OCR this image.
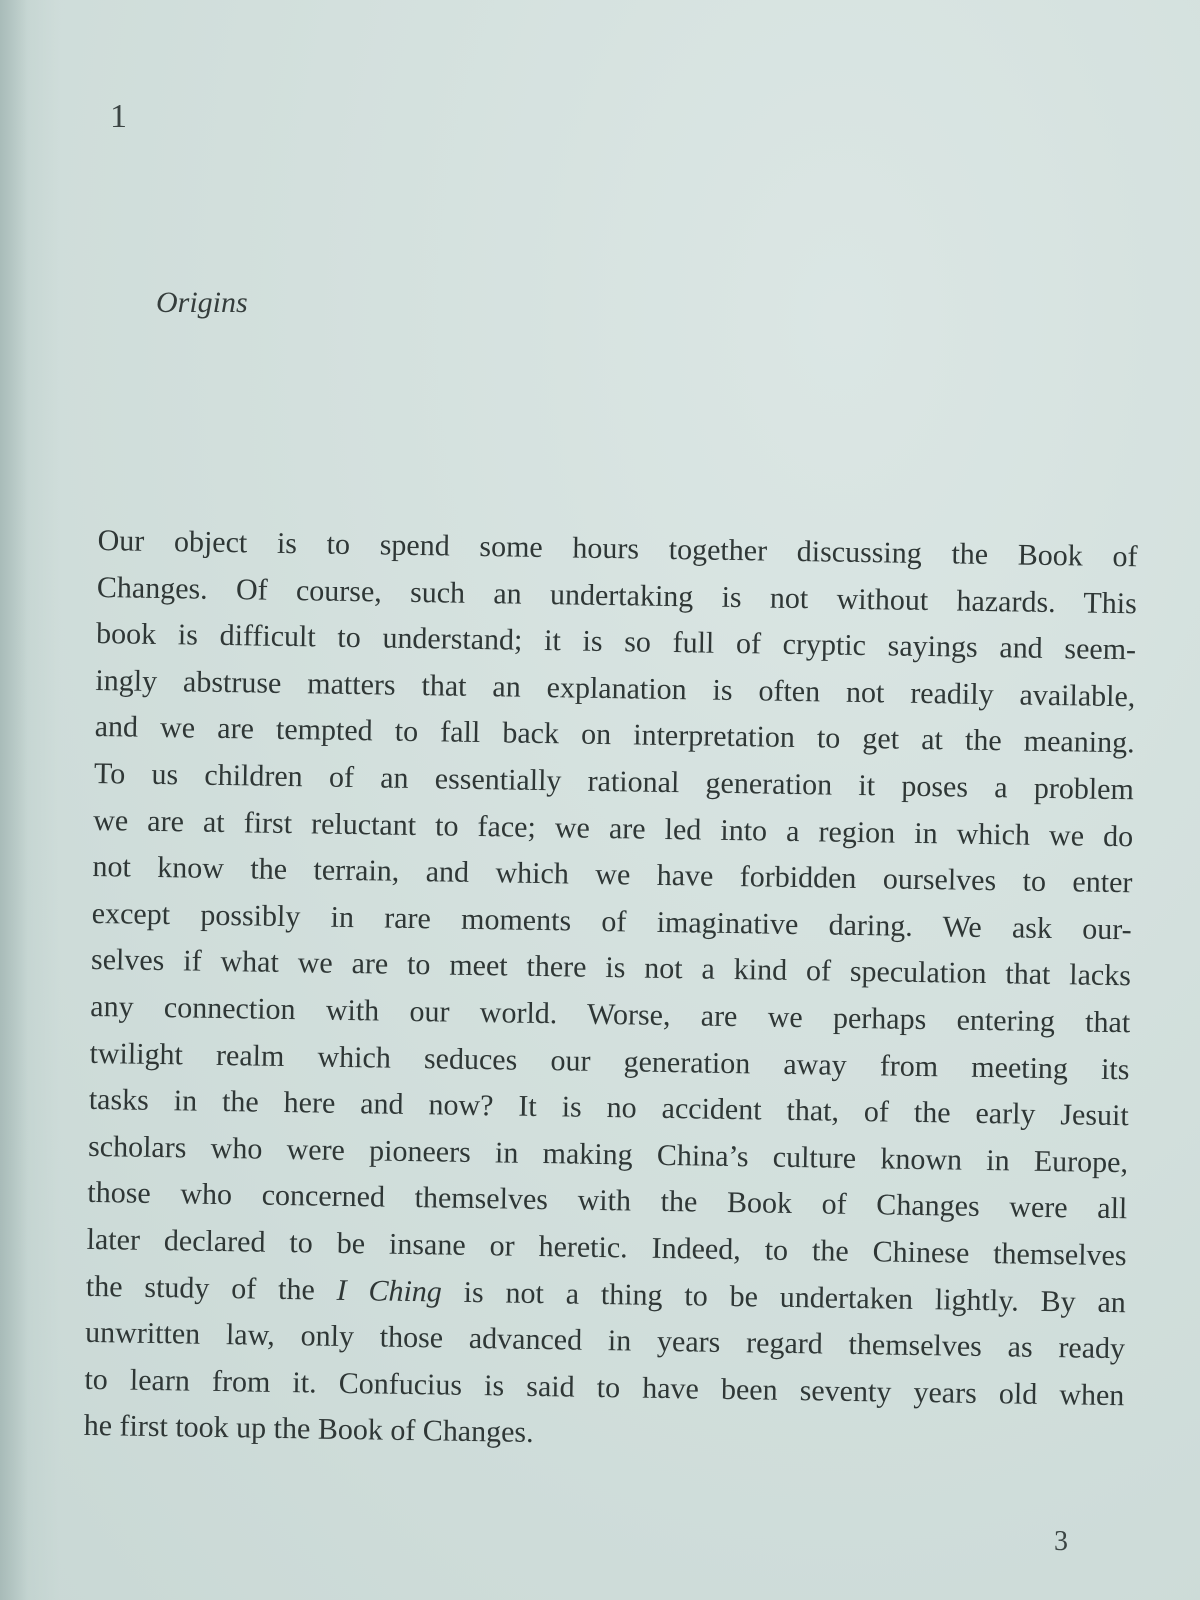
1
Origins
Our object is to spend some hours together discussing the Book of
Changes. Of course, such an undertaking is not without hazards. This
book is difficult to understand; it is so full of cryptic sayings and seem-
ingly abstruse matters that an explanation is often not readily available,
and we are tempted to fall back on interpretation to get at the meaning.
To us children of an essentially rational generation it poses a problem
we are at first reluctant to face; we are led into a region in which we do
not know the terrain, and which we have forbidden ourselves to enter
except possibly in rare moments of imaginative daring. We ask our-
selves if what we are to meet there is not a kind of speculation that lacks
any connection with our world. Worse, are we perhaps entering that
twilight realm which seduces our generation away from meeting its
tasks in the here and now? It is no accident that, of the early Jesuit
scholars who were pioneers in making China’s culture known in Europe,
those who concerned themselves with the Book of Changes were all
later declared to be insane or heretic. Indeed, to the Chinese themselves
the study of the I Ching is not a thing to be undertaken lightly. By an
unwritten law, only those advanced in years regard themselves as ready
to learn from it. Confucius is said to have been seventy years old when
he first took up the Book of Changes.
3
